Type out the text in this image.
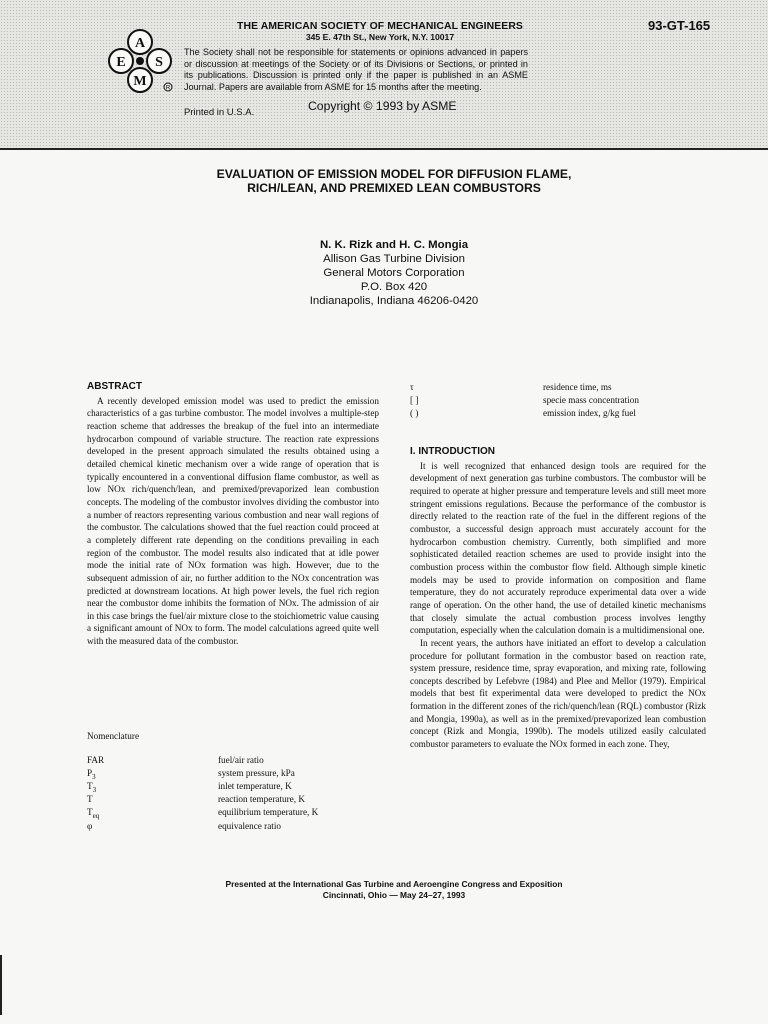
A
E S
M	R
THE AMERICAN SOCIETY OF MECHANICAL ENGINEERS
345 E. 47th St., New York, N.Y. 10017
The Society shall not be responsible for statements or opinions advanced in papers or discussion at meetings of the Society or of its Divisions or Sections, or printed in its publications. Discussion is printed only if the paper is published in an ASME Journal. Papers are available from ASME for 15 months after the meeting.
Printed in U.S.A.	Copyright © 1993 by ASME
93-GT-165
EVALUATION OF EMISSION MODEL FOR DIFFUSION FLAME,
RICH/LEAN, AND PREMIXED LEAN COMBUSTORS
N. K. Rizk and H. C. Mongia
Allison Gas Turbine Division
General Motors Corporation
P.O. Box 420
Indianapolis, Indiana 46206-0420
ABSTRACT

A recently developed emission model was used to predict the emission characteristics of a gas turbine combustor. The model involves a multiple-step reaction scheme that addresses the breakup of the fuel into an intermediate hydrocarbon compound of variable structure. The reaction rate expressions developed in the present approach simulated the results obtained using a detailed chemical kinetic mechanism over a wide range of operation that is typically encountered in a conventional diffusion flame combustor, as well as low NOx rich/quench/lean, and premixed/prevaporized lean combustion concepts. The modeling of the combustor involves dividing the combustor into a number of reactors representing various combustion and near wall regions of the combustor. The calculations showed that the fuel reaction could proceed at a completely different rate depending on the conditions prevailing in each region of the combustor. The model results also indicated that at idle power mode the initial rate of NOx formation was high. However, due to the subsequent admission of air, no further addition to the NOx concentration was predicted at downstream locations. At high power levels, the fuel rich region near the combustor dome inhibits the formation of NOx. The admission of air in this case brings the fuel/air mixture close to the stoichiometric value causing a significant amount of NOx to form. The model calculations agreed quite well with the measured data of the combustor.

Nomenclature
FAR	fuel/air ratio
$P_3$	system pressure, kPa
$T_3$	inlet temperature, K
T	reaction temperature, K
$T_{eq}$	equilibrium temperature, K
φ	equivalence ratio
τ	residence time, ms
[ ]	specie mass concentration
( )	emission index, g/kg fuel
I. INTRODUCTION

It is well recognized that enhanced design tools are required for the development of next generation gas turbine combustors. The combustor will be required to operate at higher pressure and temperature levels and still meet more stringent emissions regulations. Because the performance of the combustor is directly related to the reaction rate of the fuel in the different regions of the combustor, a successful design approach must accurately account for the hydrocarbon combustion chemistry. Currently, both simplified and more sophisticated detailed reaction schemes are used to provide insight into the combustion process within the combustor flow field. Although simple kinetic models may be used to provide information on composition and flame temperature, they do not accurately reproduce experimental data over a wide range of operation. On the other hand, the use of detailed kinetic mechanisms that closely simulate the actual combustion process involves lengthy computation, especially when the calculation domain is a multidimensional one.

In recent years, the authors have initiated an effort to develop a calculation procedure for pollutant formation in the combustor based on reaction rate, system pressure, residence time, spray evaporation, and mixing rate, following concepts described by Lefebvre (1984) and Plee and Mellor (1979). Empirical models that best fit experimental data were developed to predict the NOx formation in the different zones of the rich/quench/lean (RQL) combustor (Rizk and Mongia, 1990a), as well as in the premixed/prevaporized lean combustion concept (Rizk and Mongia, 1990b). The models utilized easily calculated combustor parameters to evaluate the NOx formed in each zone. They,

Presented at the International Gas Turbine and Aeroengine Congress and Exposition
Cincinnati, Ohio — May 24–27, 1993
